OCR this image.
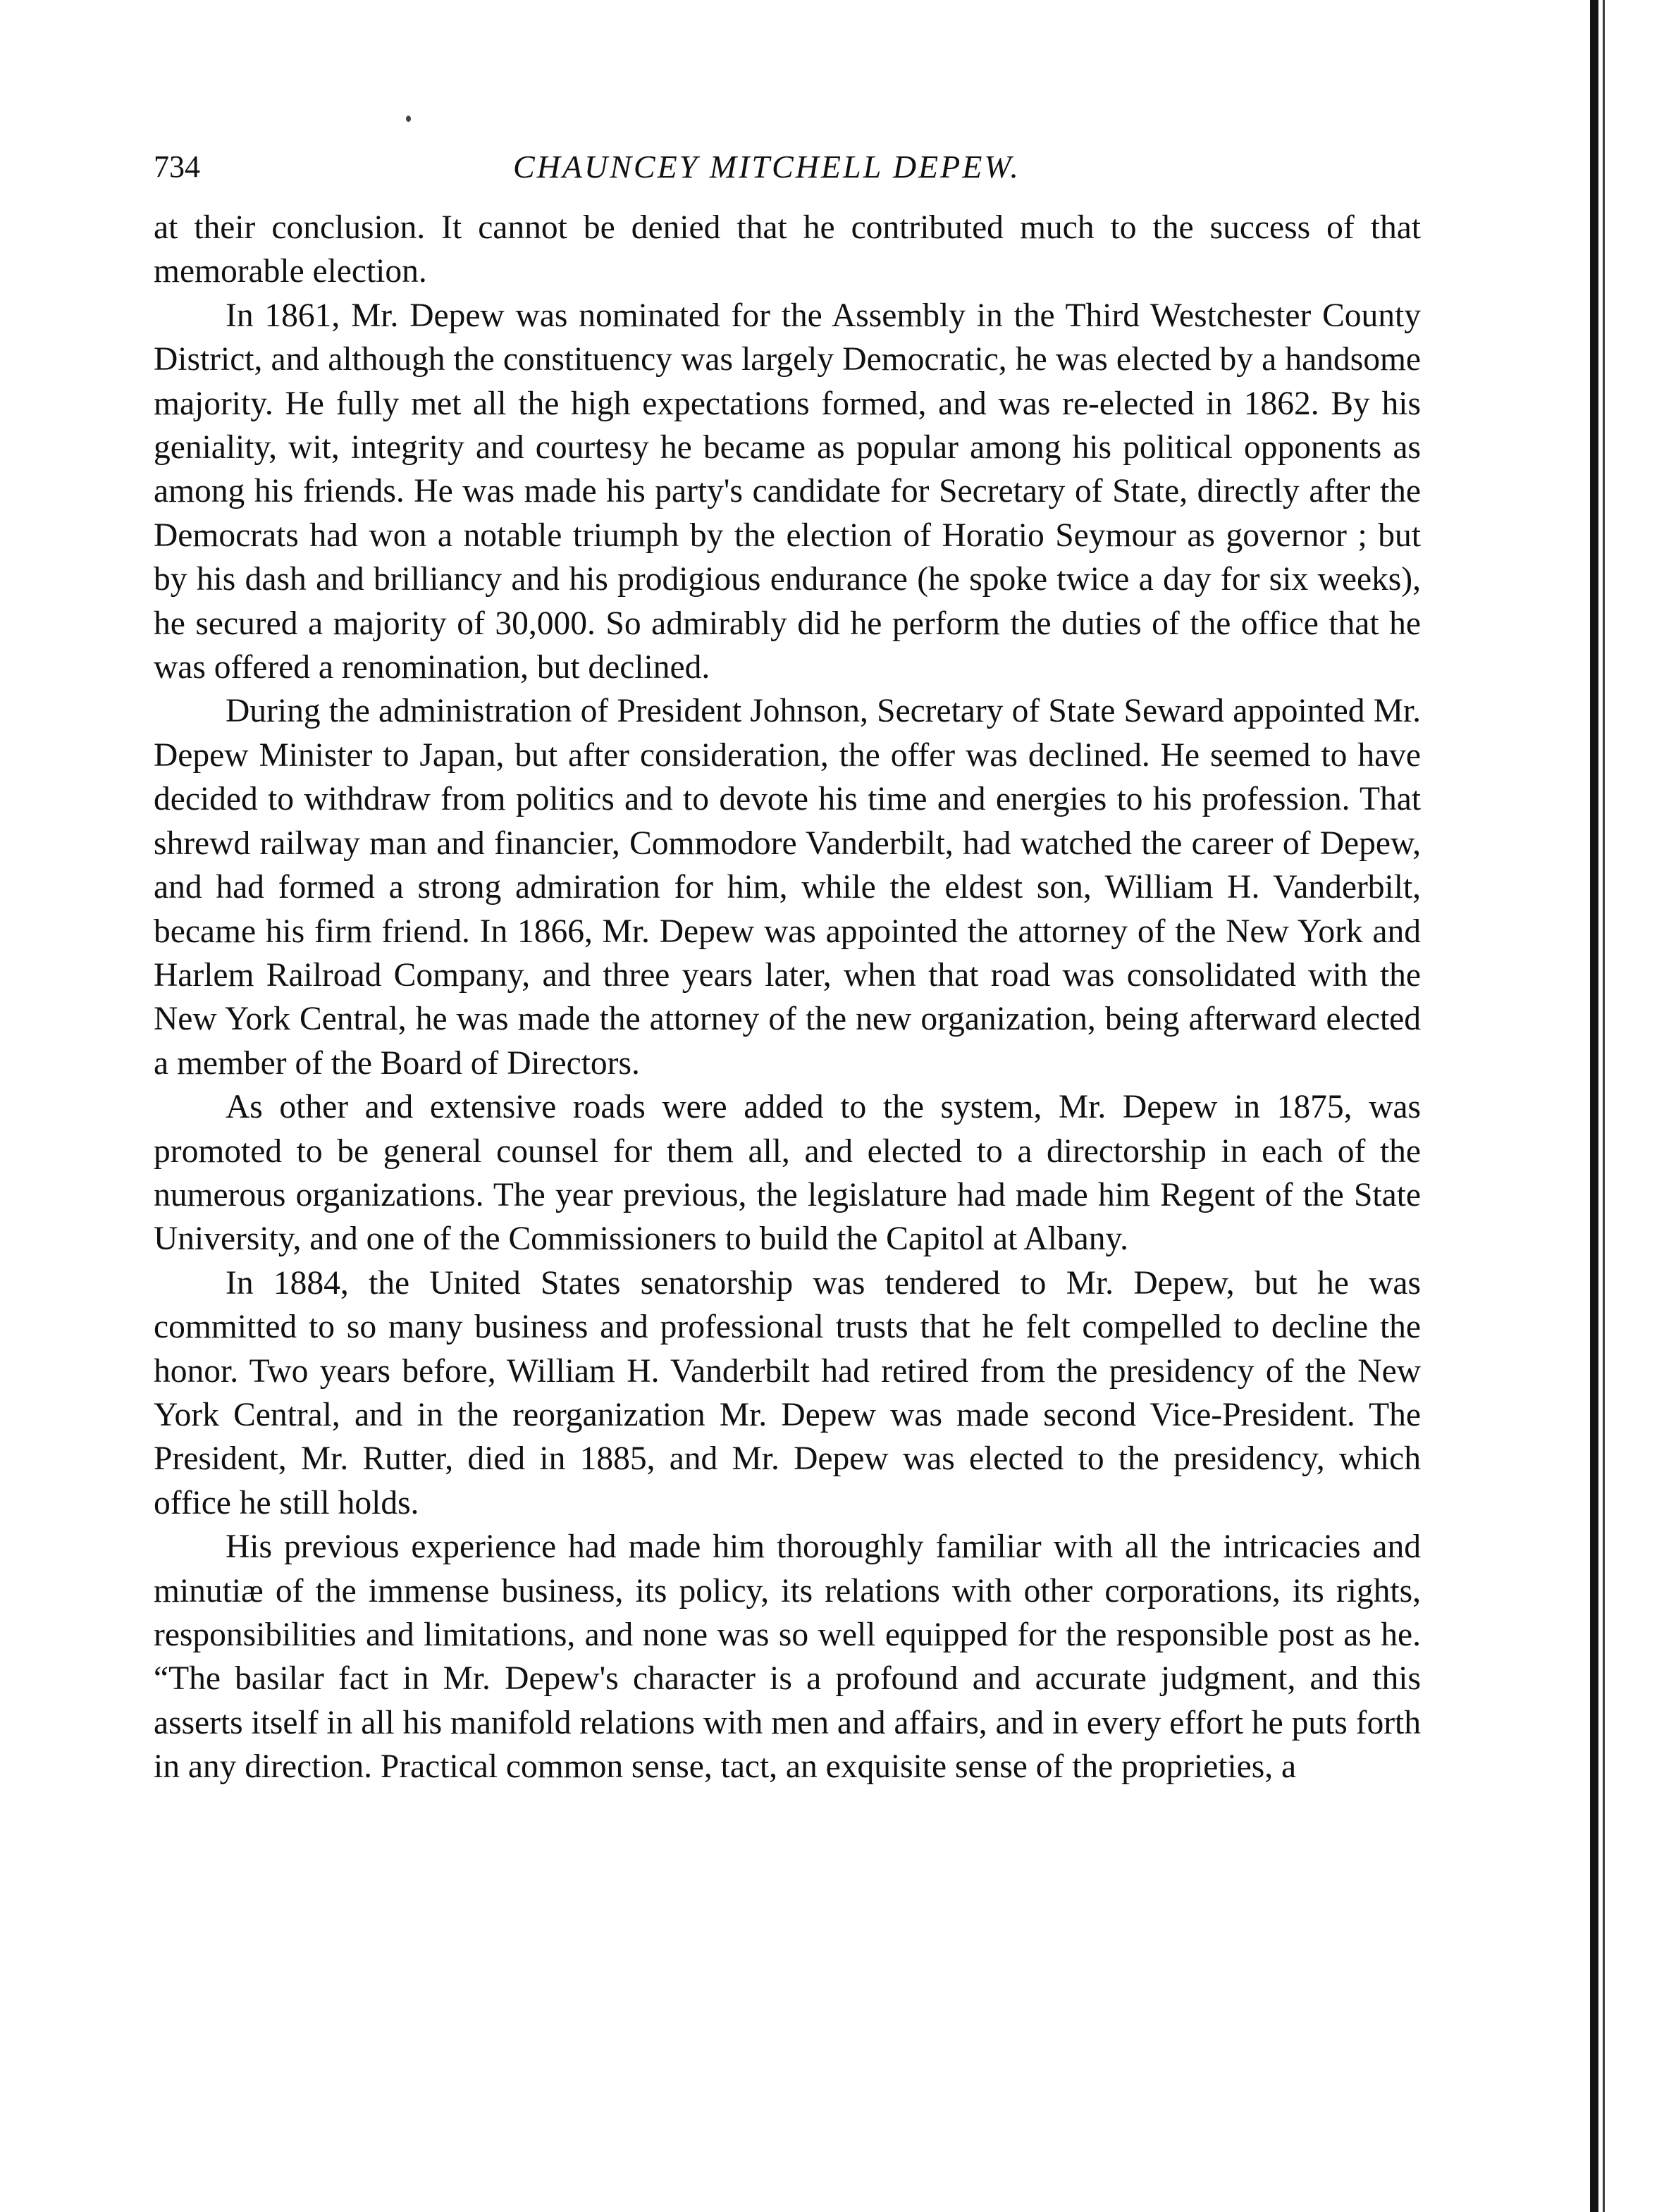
734	CHAUNCEY MITCHELL DEPEW.

at their conclusion. It cannot be denied that he contributed much to the success of that memorable election.

In 1861, Mr. Depew was nominated for the Assembly in the Third Westchester County District, and although the constituency was largely Democratic, he was elected by a handsome majority. He fully met all the high expectations formed, and was re-elected in 1862. By his geniality, wit, integrity and courtesy he became as popular among his political opponents as among his friends. He was made his party's candidate for Secretary of State, directly after the Democrats had won a notable triumph by the election of Horatio Seymour as governor ; but by his dash and brilliancy and his prodigious endurance (he spoke twice a day for six weeks), he secured a majority of 30,000. So admirably did he perform the duties of the office that he was offered a renomination, but declined.

During the administration of President Johnson, Secretary of State Seward appointed Mr. Depew Minister to Japan, but after consideration, the offer was declined. He seemed to have decided to withdraw from politics and to devote his time and energies to his profession. That shrewd railway man and financier, Commodore Vanderbilt, had watched the career of Depew, and had formed a strong admiration for him, while the eldest son, William H. Vanderbilt, became his firm friend. In 1866, Mr. Depew was appointed the attorney of the New York and Harlem Railroad Company, and three years later, when that road was consolidated with the New York Central, he was made the attorney of the new organization, being afterward elected a member of the Board of Directors.

As other and extensive roads were added to the system, Mr. Depew in 1875, was promoted to be general counsel for them all, and elected to a directorship in each of the numerous organizations. The year previous, the legislature had made him Regent of the State University, and one of the Commissioners to build the Capitol at Albany.

In 1884, the United States senatorship was tendered to Mr. Depew, but he was committed to so many business and professional trusts that he felt compelled to decline the honor. Two years before, William H. Vanderbilt had retired from the presidency of the New York Central, and in the reorganization Mr. Depew was made second Vice-President. The President, Mr. Rutter, died in 1885, and Mr. Depew was elected to the presidency, which office he still holds.

His previous experience had made him thoroughly familiar with all the intricacies and minutiæ of the immense business, its policy, its relations with other corporations, its rights, responsibilities and limitations, and none was so well equipped for the responsible post as he. “The basilar fact in Mr. Depew's character is a profound and accurate judgment, and this asserts itself in all his manifold relations with men and affairs, and in every effort he puts forth in any direction. Practical common sense, tact, an exquisite sense of the proprieties, a
